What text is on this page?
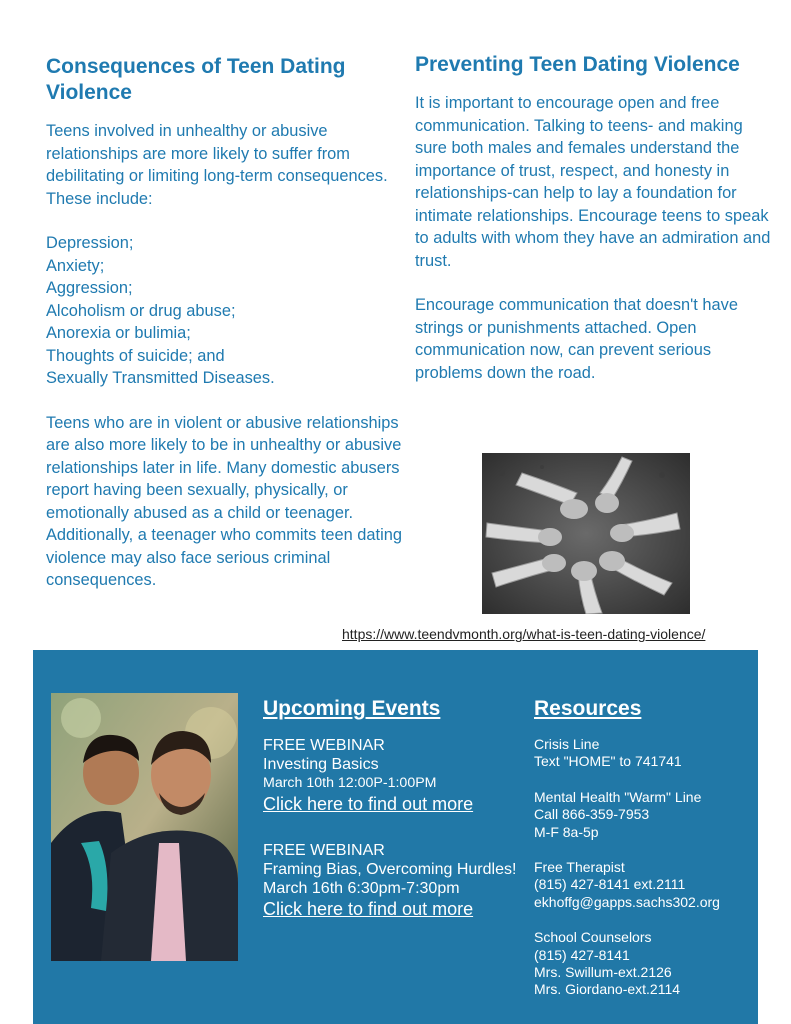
Consequences of Teen Dating Violence

Teens involved in unhealthy or abusive relationships are more likely to suffer from debilitating or limiting long-term consequences. These include:

Depression;
Anxiety;
Aggression;
Alcoholism or drug abuse;
Anorexia or bulimia;
Thoughts of suicide; and
Sexually Transmitted Diseases.

Teens who are in violent or abusive relationships are also more likely to be in unhealthy or abusive relationships later in life. Many domestic abusers report having been sexually, physically, or emotionally abused as a child or teenager. Additionally, a teenager who commits teen dating violence may also face serious criminal consequences.

Preventing Teen Dating Violence

It is important to encourage open and free communication. Talking to teens- and making sure both males and females understand the importance of trust, respect, and honesty in relationships-can help to lay a foundation for intimate relationships. Encourage teens to speak to adults with whom they have an admiration and trust.

Encourage communication that doesn't have strings or punishments attached. Open communication now, can prevent serious problems down the road.

https://www.teendvmonth.org/what-is-teen-dating-violence/
Upcoming Events
FREE WEBINAR
Investing Basics
March 10th 12:00P-1:00PM
Click here to find out more
FREE WEBINAR
Framing Bias, Overcoming Hurdles!
March 16th 6:30pm-7:30pm
Click here to find out more
Resources
Crisis Line
Text "HOME" to 741741
Mental Health "Warm" Line
Call 866-359-7953
M-F 8a-5p
Free Therapist
(815) 427-8141 ext.2111
ekhoffg@gapps.sachs302.org
School Counselors
(815) 427-8141
Mrs. Swillum-ext.2126
Mrs. Giordano-ext.2114
